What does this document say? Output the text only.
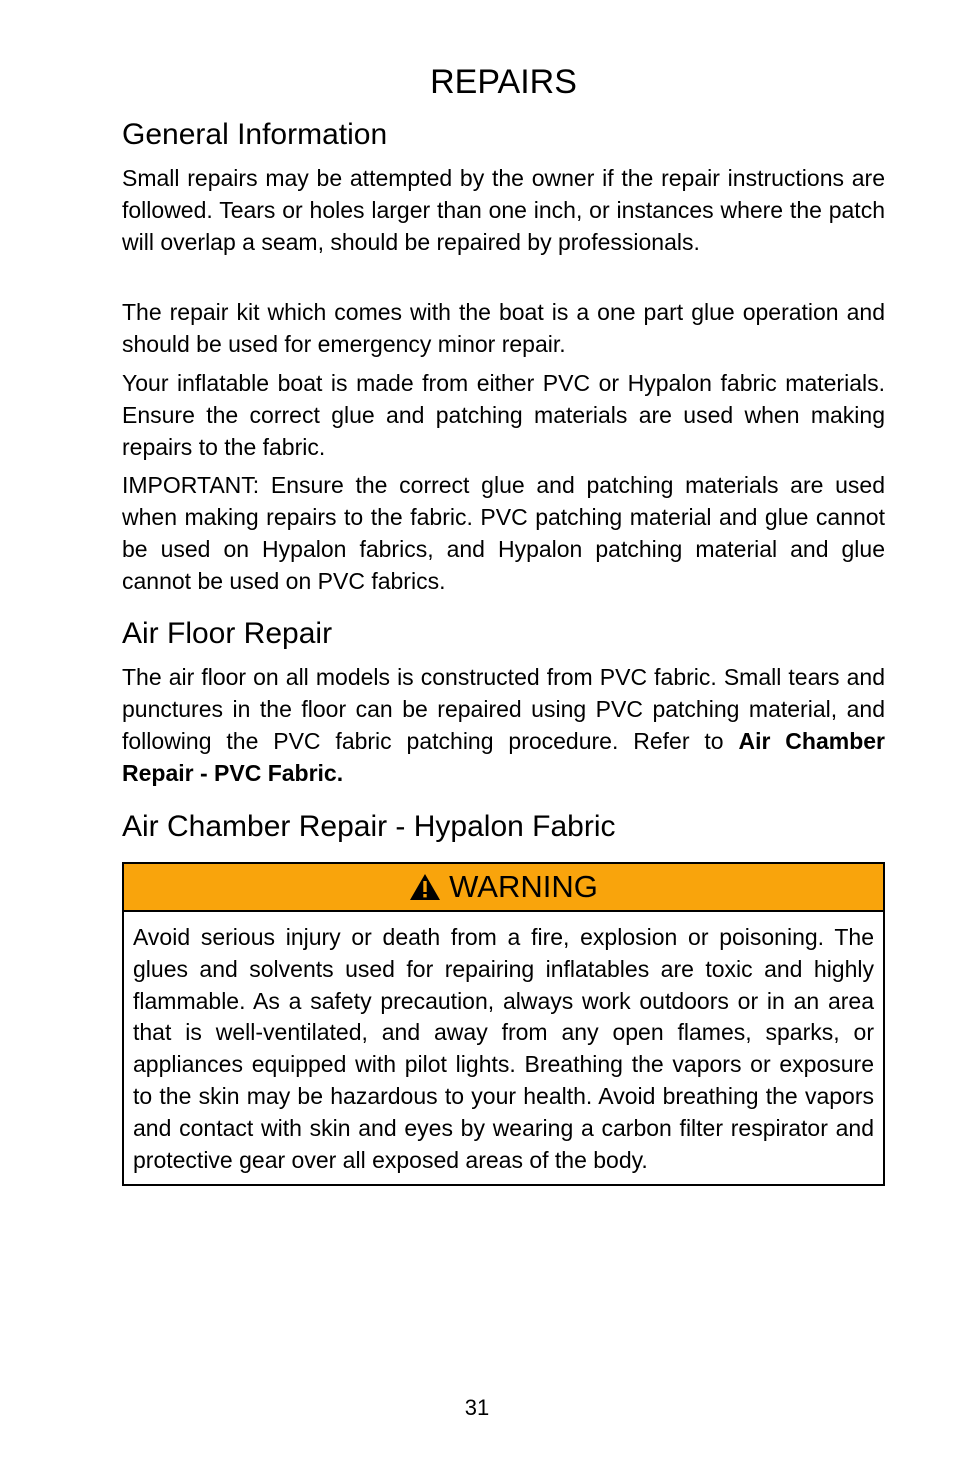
REPAIRS
General Information

Small repairs may be attempted by the owner if the repair instructions are followed. Tears or holes larger than one inch, or instances where the patch will overlap a seam, should be repaired by professionals.

The repair kit which comes with the boat is a one part glue operation and should be used for emergency minor repair.

Your inflatable boat is made from either PVC or Hypalon fabric materials. Ensure the correct glue and patching materials are used when making repairs to the fabric.

IMPORTANT: Ensure the correct glue and patching materials are used when making repairs to the fabric. PVC patching material and glue cannot be used on Hypalon fabrics, and Hypalon patching material and glue cannot be used on PVC fabrics.

Air Floor Repair

The air floor on all models is constructed from PVC fabric. Small tears and punctures in the floor can be repaired using PVC patching material, and following the PVC fabric patching procedure. Refer to Air Chamber Repair - PVC Fabric.

Air Chamber Repair - Hypalon Fabric
WARNING
Avoid serious injury or death from a fire, explosion or poisoning. The glues and solvents used for repairing inflatables are toxic and highly flammable. As a safety precaution, always work outdoors or in an area that is well-ventilated, and away from any open flames, sparks, or appliances equipped with pilot lights. Breathing the vapors or exposure to the skin may be hazardous to your health. Avoid breathing the vapors and contact with skin and eyes by wearing a carbon filter respirator and protective gear over all exposed areas of the body.
31
